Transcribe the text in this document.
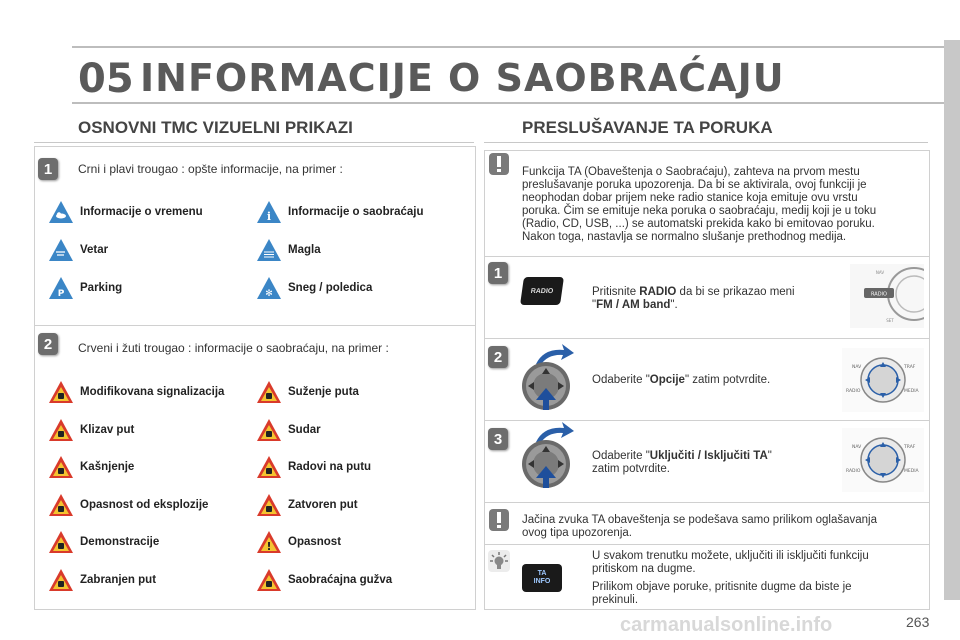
05 INFORMACIJE O SAOBRAĆAJU
OSNOVNI TMC VIZUELNI PRIKAZI
1	Crni i plavi trougao : opšte informacije, na primer :
Informacije o vremenu	i Informacije o saobraćaju
Vetar	Magla
P Parking	✻ Sneg / poledica
2	Crveni i žuti trougao : informacije o saobraćaju, na primer :
Modifikovana signalizacija	Suženje puta
Klizav put	Sudar
Kašnjenje	Radovi na putu
Opasnost od eksplozije	Zatvoren put
Demonstracije	! Opasnost
Zabranjen put	Saobraćajna gužva
PRESLUŠAVANJE TA PORUKA
Funkcija TA (Obaveštenja o Saobraćaju), zahteva na prvom mestu
preslušavanje poruka upozorenja. Da bi se aktivirala, ovoj funkciji je
neophodan dobar prijem neke radio stanice koja emituje ovu vrstu
poruka. Čim se emituje neka poruka o saobraćaju, medij koji je u toku
(Radio, CD, USB, ...) se automatski prekida kako bi emitovao poruku.
Nakon toga, nastavlja se normalno slušanje prethodnog medija.
1
RADIO	Pritisnite RADIO da bi se prikazao meni
"FM / AM band".
RADIO
NAV
SET
2
Odaberite "Opcije" zatim potvrdite.
NAV	TRAF
RADIO	MEDIA
3
Odaberite "Uključiti / Isključiti TA"
zatim potvrdite.
NAV	TRAF
RADIO	MEDIA
Jačina zvuka TA obaveštenja se podešava samo prilikom oglašavanja
ovog tipa upozorenja.
TA
INFO
U svakom trenutku možete, uključiti ili isključiti funkciju
pritiskom na dugme.
Prilikom objave poruke, pritisnite dugme da biste je
prekinuli.
carmanualsonline.info	263
